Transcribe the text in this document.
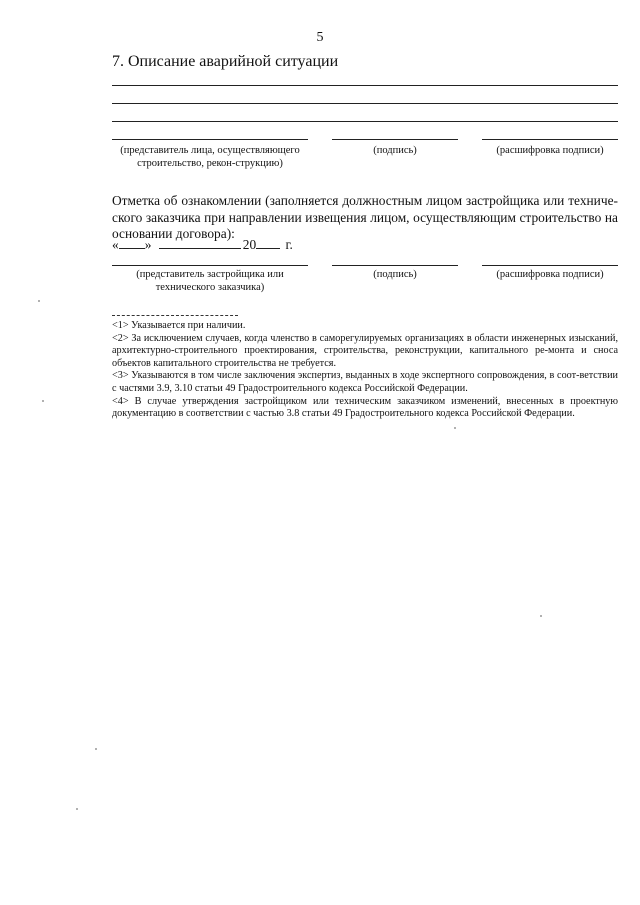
5
7. Описание аварийной ситуации
(представитель лица, осуществляющего строительство, рекон-струкцию)
(подпись)	(расшифровка подписи)
Отметка об ознакомлении (заполняется должностным лицом застройщика или техниче-ского заказчика при направлении извещения лицом, осуществляющим строительство на основании договора):
« »	20 г.
(представитель застройщика или технического заказчика)
(подпись)	(расшифровка подписи)

<1> Указывается при наличии.

<2> За исключением случаев, когда членство в саморегулируемых организациях в области инженерных изысканий, архитектурно-строительного проектирования, строительства, реконструкции, капитального ре-монта и сноса объектов капитального строительства не требуется.

<3> Указываются в том числе заключения экспертиз, выданных в ходе экспертного сопровождения, в соот-ветствии с частями 3.9, 3.10 статьи 49 Градостроительного кодекса Российской Федерации.

<4> В случае утверждения застройщиком или техническим заказчиком изменений, внесенных в проектную документацию в соответствии с частью 3.8 статьи 49 Градостроительного кодекса Российской Федерации.
